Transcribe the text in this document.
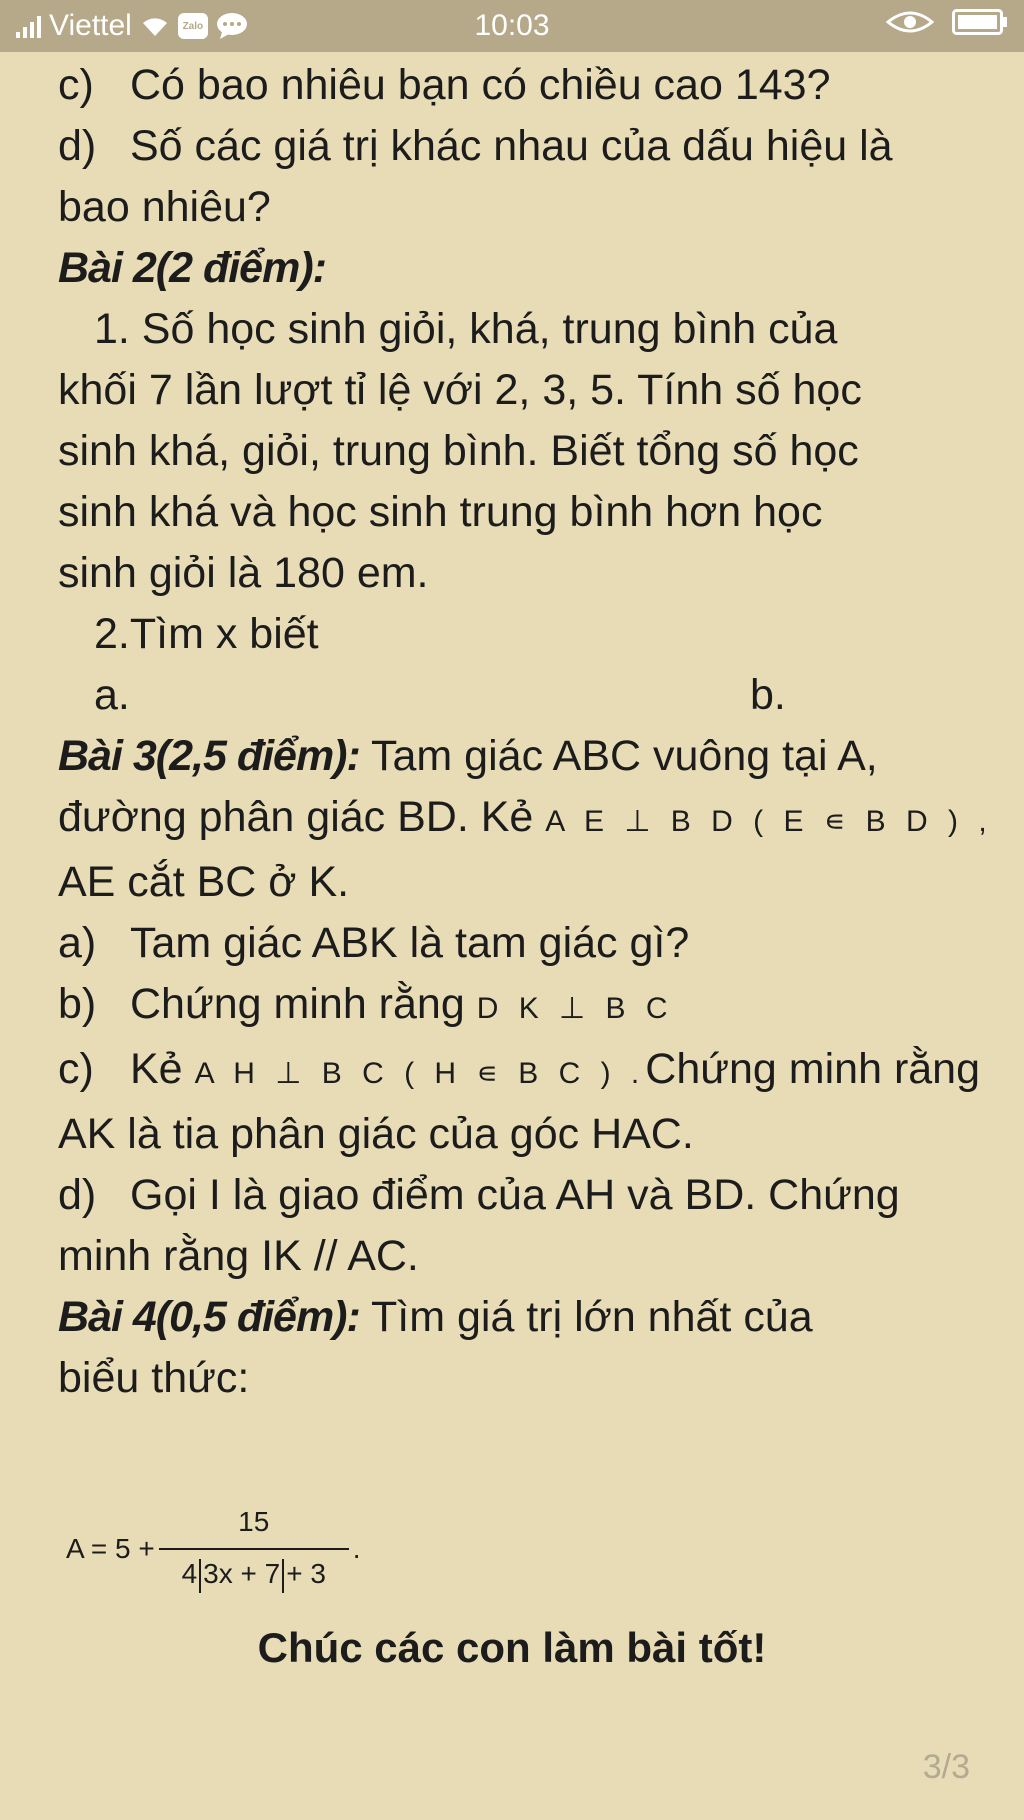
Viettel	Zalo	10:03
c) Có bao nhiêu bạn có chiều cao 143?
d) Số các giá trị khác nhau của dấu hiệu là
bao nhiêu?
Bài 2(2 điểm):
1. Số học sinh giỏi, khá, trung bình của
khối 7 lần lượt tỉ lệ với 2, 3, 5. Tính số học
sinh khá, giỏi, trung bình. Biết tổng số học
sinh khá và học sinh trung bình hơn học
sinh giỏi là 180 em.
2.Tìm x biết
a.	b.
Bài 3(2,5 điểm): Tam giác ABC vuông tại A,
đường phân giác BD. Kẻ A E ⊥ B D ( E ∊ B D ) ,
AE cắt BC ở K.
a) Tam giác ABK là tam giác gì?
b) Chứng minh rằng D K ⊥ B C
c) Kẻ A H ⊥ B C ( H ∊ B C ) .Chứng minh rằng
AK là tia phân giác của góc HAC.
d) Gọi I là giao điểm của AH và BD. Chứng
minh rằng IK // AC.
Bài 4(0,5 điểm): Tìm giá trị lớn nhất của
biểu thức:
$A = 5 + \frac{15}{4 3x + 7 + 3}$ .
Chúc các con làm bài tốt!
3/3
